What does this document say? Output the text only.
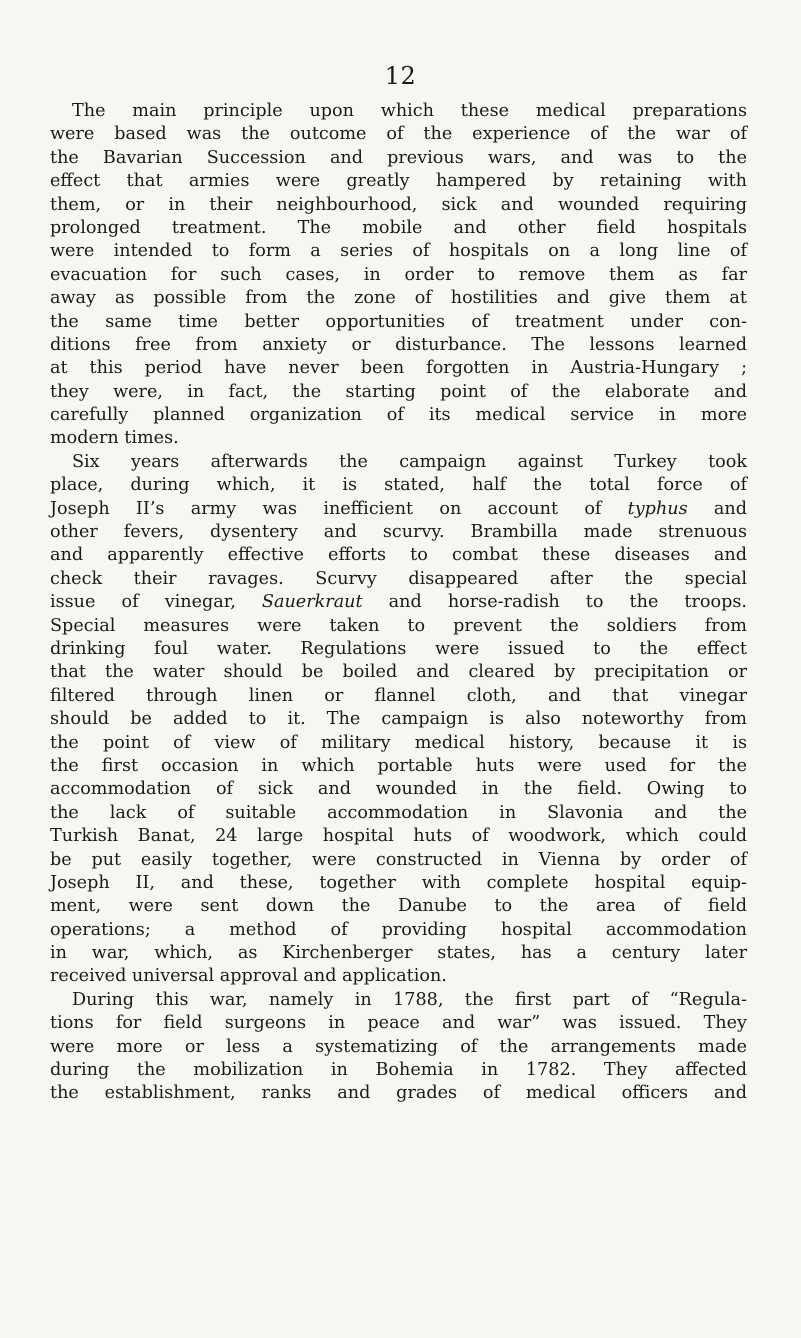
12
The main principle upon which these medical preparations
were based was the outcome of the experience of the war of
the Bavarian Succession and previous wars, and was to the
effect that armies were greatly hampered by retaining with
them, or in their neighbourhood, sick and wounded requiring
prolonged treatment. The mobile and other field hospitals
were intended to form a series of hospitals on a long line of
evacuation for such cases, in order to remove them as far
away as possible from the zone of hostilities and give them at
the same time better opportunities of treatment under con-
ditions free from anxiety or disturbance. The lessons learned
at this period have never been forgotten in Austria-Hungary ;
they were, in fact, the starting point of the elaborate and
carefully planned organization of its medical service in more
modern times.
Six years afterwards the campaign against Turkey took
place, during which, it is stated, half the total force of
Joseph II’s army was inefficient on account of typhus and
other fevers, dysentery and scurvy. Brambilla made strenuous
and apparently effective efforts to combat these diseases and
check their ravages. Scurvy disappeared after the special
issue of vinegar, Sauerkraut and horse-radish to the troops.
Special measures were taken to prevent the soldiers from
drinking foul water. Regulations were issued to the effect
that the water should be boiled and cleared by precipitation or
filtered through linen or flannel cloth, and that vinegar
should be added to it. The campaign is also noteworthy from
the point of view of military medical history, because it is
the first occasion in which portable huts were used for the
accommodation of sick and wounded in the field. Owing to
the lack of suitable accommodation in Slavonia and the
Turkish Banat, 24 large hospital huts of woodwork, which could
be put easily together, were constructed in Vienna by order of
Joseph II, and these, together with complete hospital equip-
ment, were sent down the Danube to the area of field
operations; a method of providing hospital accommodation
in war, which, as Kirchenberger states, has a century later
received universal approval and application.
During this war, namely in 1788, the first part of “Regula-
tions for field surgeons in peace and war” was issued. They
were more or less a systematizing of the arrangements made
during the mobilization in Bohemia in 1782. They affected
the establishment, ranks and grades of medical officers and
